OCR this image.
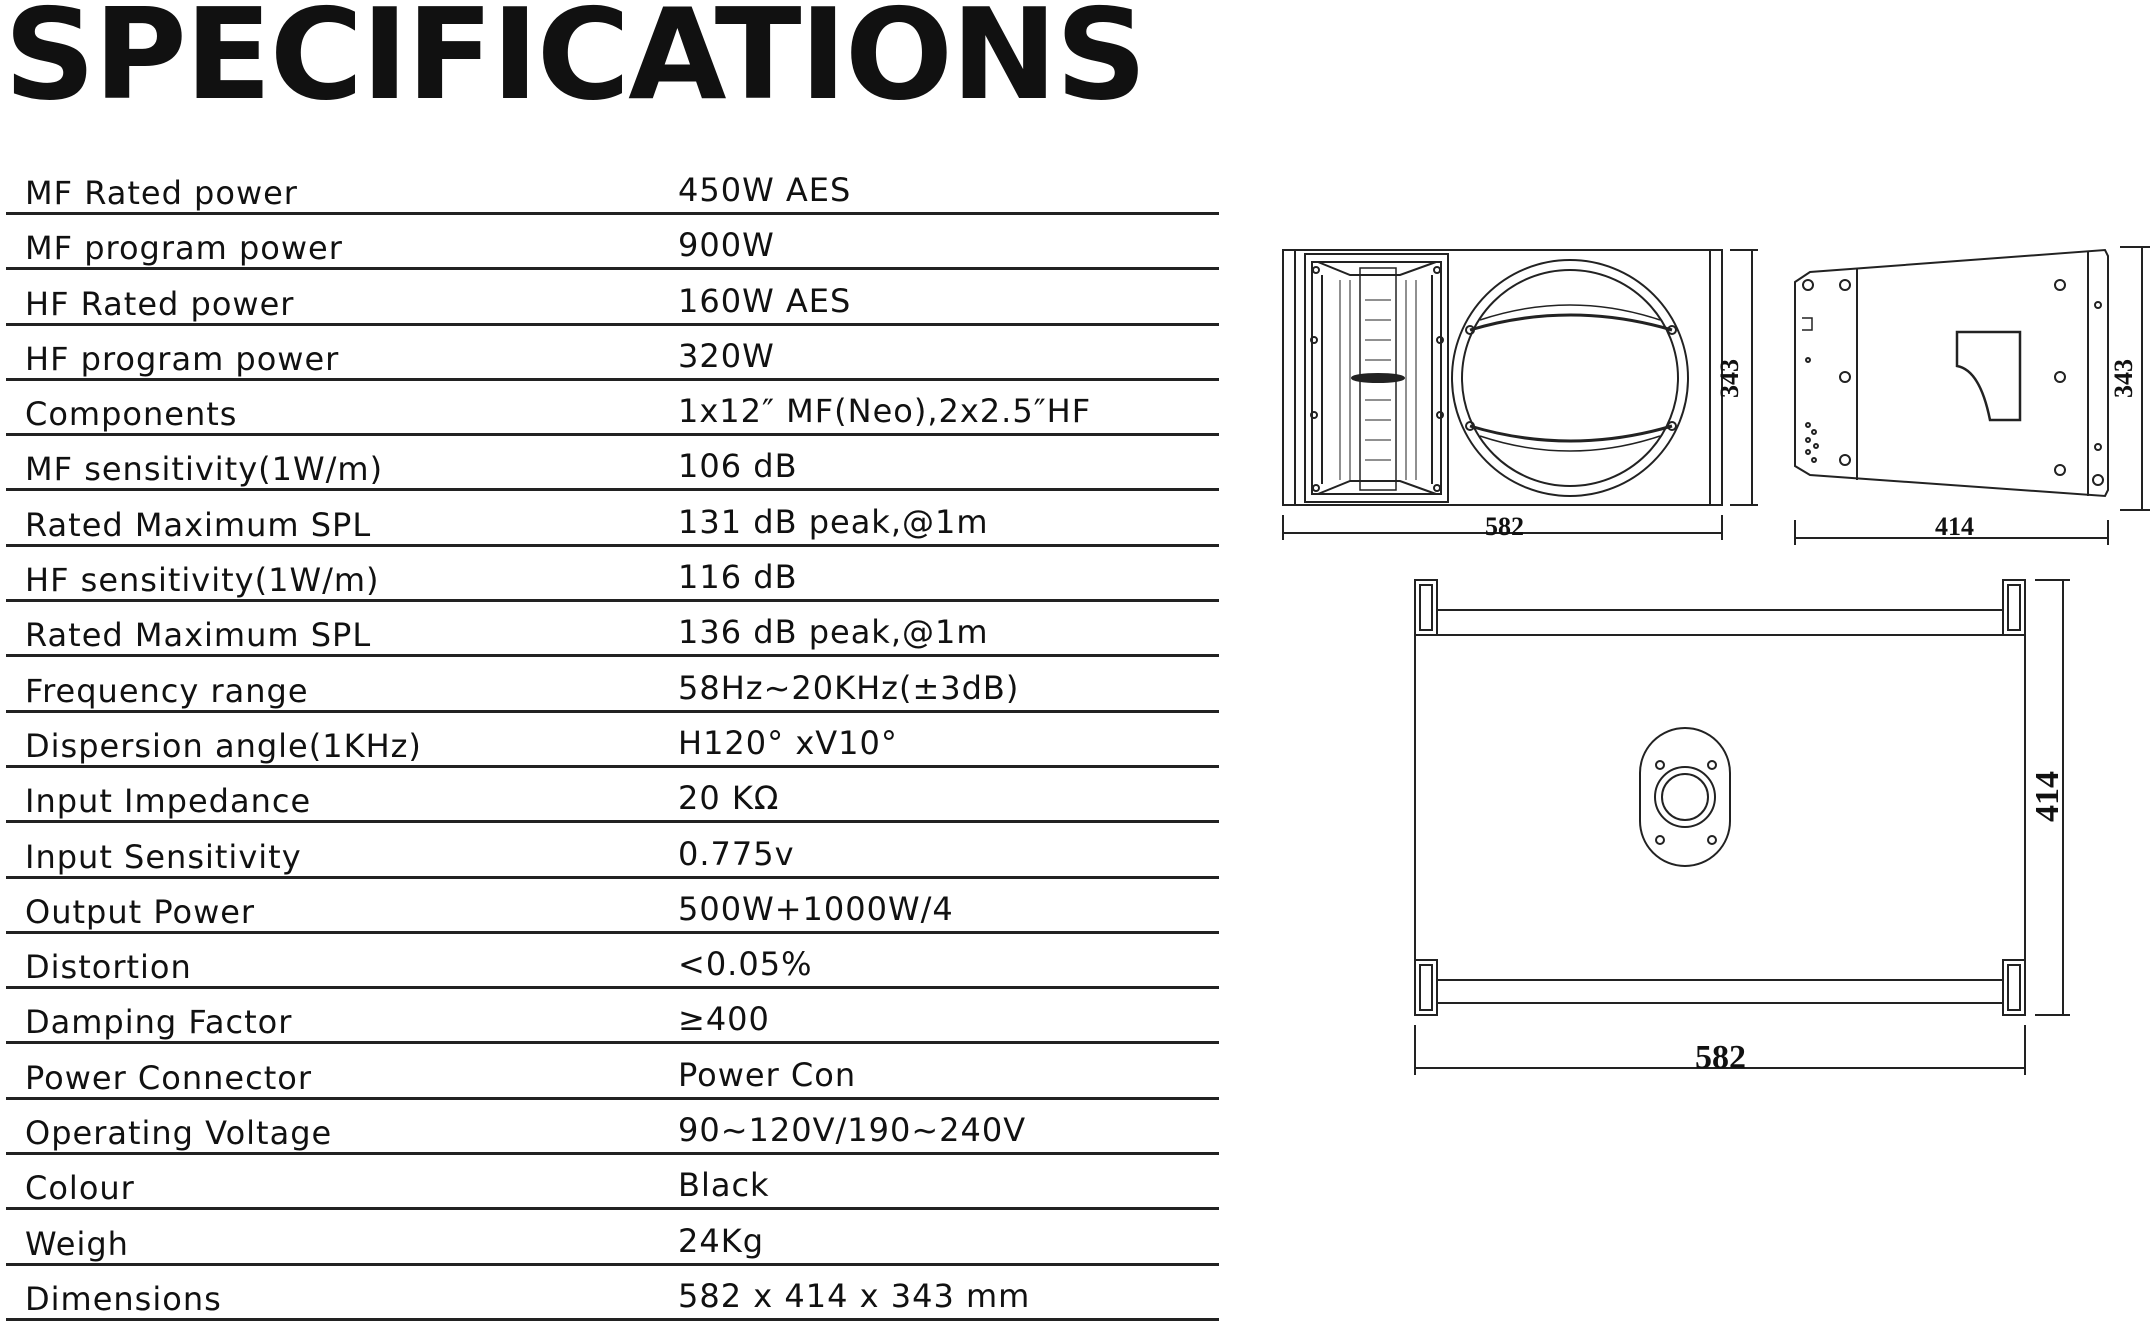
SPECIFICATIONS
MF Rated power	450W AES
MF program power	900W
HF Rated power	160W AES
HF program power	320W
Components	1x12″ MF(Neo),2x2.5″HF
MF sensitivity(1W/m)	106 dB
Rated Maximum SPL	131 dB peak,@1m
HF sensitivity(1W/m)	116 dB
Rated Maximum SPL	136 dB peak,@1m
Frequency range	58Hz~20KHz(±3dB)
Dispersion angle(1KHz)	H120° xV10°
Input Impedance	20 KΩ
Input Sensitivity	0.775v
Output Power	500W+1000W/4
Distortion	<0.05%
Damping Factor	≥400
Power Connector	Power Con
Operating Voltage	90~120V/190~240V
Colour	Black
Weigh	24Kg
Dimensions	582 x 414 x 343 mm
582
343
414
343
414
582
